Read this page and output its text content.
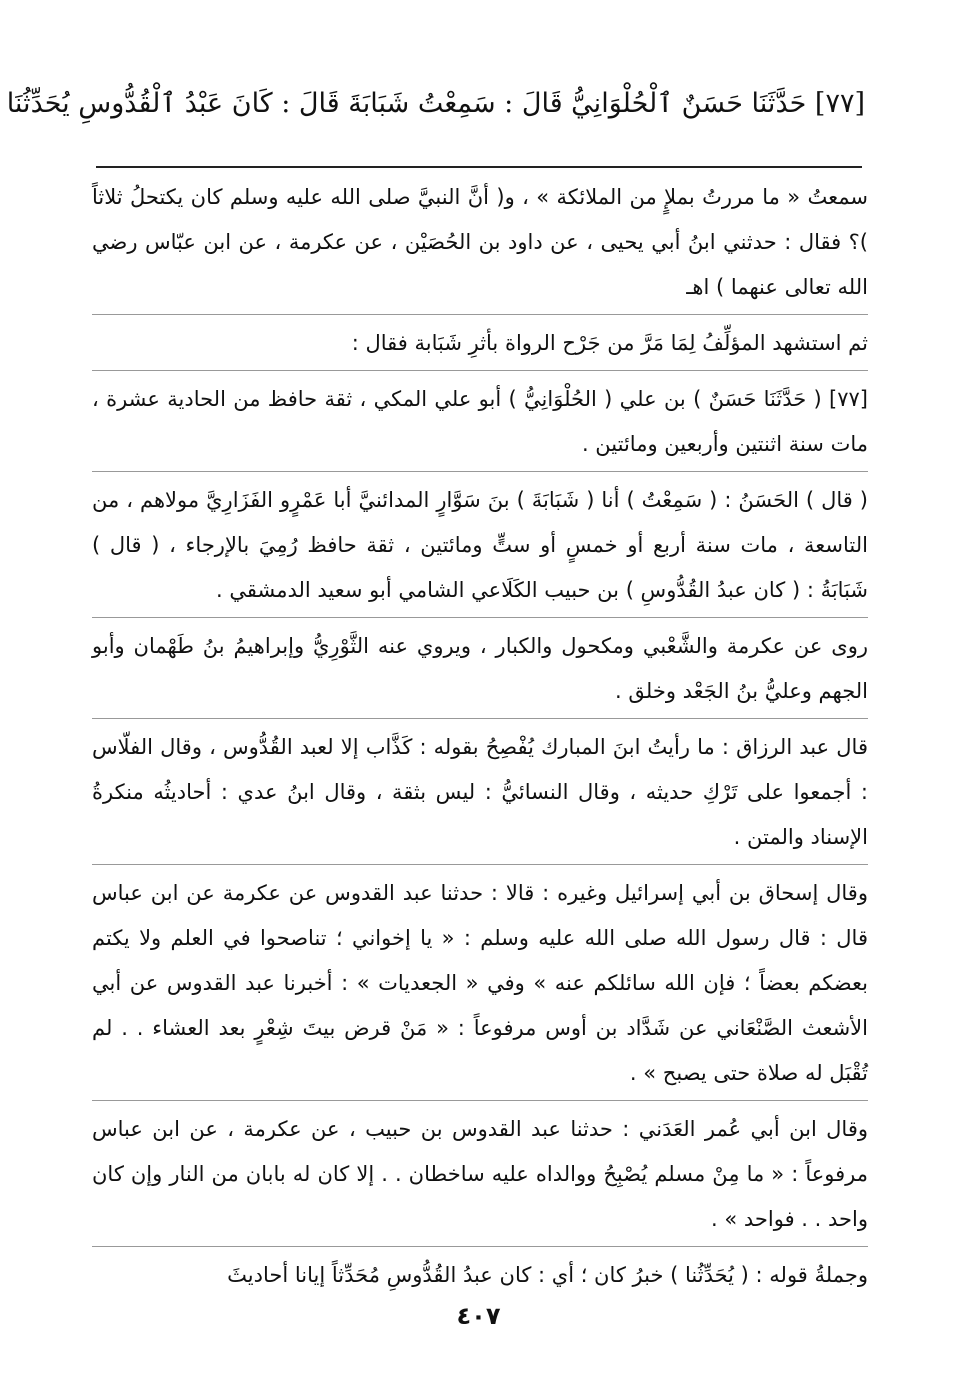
[٧٧] حَدَّثَنَا حَسَنٌ ٱلْحُلْوَانِيُّ قَالَ : سَمِعْتُ شَبَابَةَ قَالَ : كَانَ عَبْدُ ٱلْقُدُّوسِ يُحَدِّثُنَا

سمعتُ « ما مررتُ بملإٍ من الملائكة » ، و( أنَّ النبيَّ صلى الله عليه وسلم كان يكتحلُ ثلاثاً )؟ فقال : حدثني ابنُ أبي يحيى ، عن داود بن الحُصَيْن ، عن عكرمة ، عن ابن عبّاس رضي الله تعالى عنهما ) اهـ

ثم استشهد المؤلِّفُ لِمَا مَرَّ من جَرْح الرواة بأثرِ شَبَابة فقال :

[٧٧] ( حَدَّثَنَا حَسَنٌ ) بن علي ( الحُلْوَانِيُّ ) أبو علي المكي ، ثقة حافظ من الحادية عشرة ، مات سنة اثنتين وأربعين ومائتين .

( قال ) الحَسَنُ : ( سَمِعْتُ ) أنا ( شَبَابَةَ ) بنَ سَوَّارٍ المدائنيَّ أبا عَمْرٍو الفَزَارِيَّ مولاهم ، من التاسعة ، مات سنة أربع أو خمسٍ أو ستٍّ ومائتين ، ثقة حافظ رُمِيَ بالإرجاء ، ( قال ) شَبَابَةُ : ( كان عبدُ القُدُّوسِ ) بن حبيب الكَلَاعي الشامي أبو سعيد الدمشقي .

روى عن عكرمة والشَّعْبي ومكحول والكبار ، ويروي عنه الثَّوْرِيُّ وإبراهيمُ بنُ طَهْمان وأبو الجهم وعليُّ بنُ الجَعْد وخلق .

قال عبد الرزاق : ما رأيتُ ابنَ المبارك يُفْصِحُ بقوله : كَذَّاب إلا لعبد القُدُّوس ، وقال الفلّاس : أجمعوا على تَرْكِ حديثه ، وقال النسائيُّ : ليس بثقة ، وقال ابنُ عدي : أحاديثُه منكرةُ الإسناد والمتن .

وقال إسحاق بن أبي إسرائيل وغيره : قالا : حدثنا عبد القدوس عن عكرمة عن ابن عباس قال : قال رسول الله صلى الله عليه وسلم : « يا إخواني ؛ تناصحوا في العلم ولا يكتم بعضكم بعضاً ؛ فإن الله سائلكم عنه » وفي « الجعديات » : أخبرنا عبد القدوس عن أبي الأشعث الصَّنْعَاني عن شَدَّاد بن أوس مرفوعاً : « مَنْ قرض بيتَ شِعْرٍ بعد العشاء . . لم تُقْبَل له صلاة حتى يصبح » .

وقال ابن أبي عُمر العَدَني : حدثنا عبد القدوس بن حبيب ، عن عكرمة ، عن ابن عباس مرفوعاً : « ما مِنْ مسلم يُصْبِحُ ووالداه عليه ساخطان . . إلا كان له بابان من النار وإن كان واحد . . فواحد » .

وجملةُ قوله : ( يُحَدِّثُنا ) خبرُ كان ؛ أي : كان عبدُ القُدُّوسِ مُحَدِّثاً إيانا أحاديثَ

٤٠٧
